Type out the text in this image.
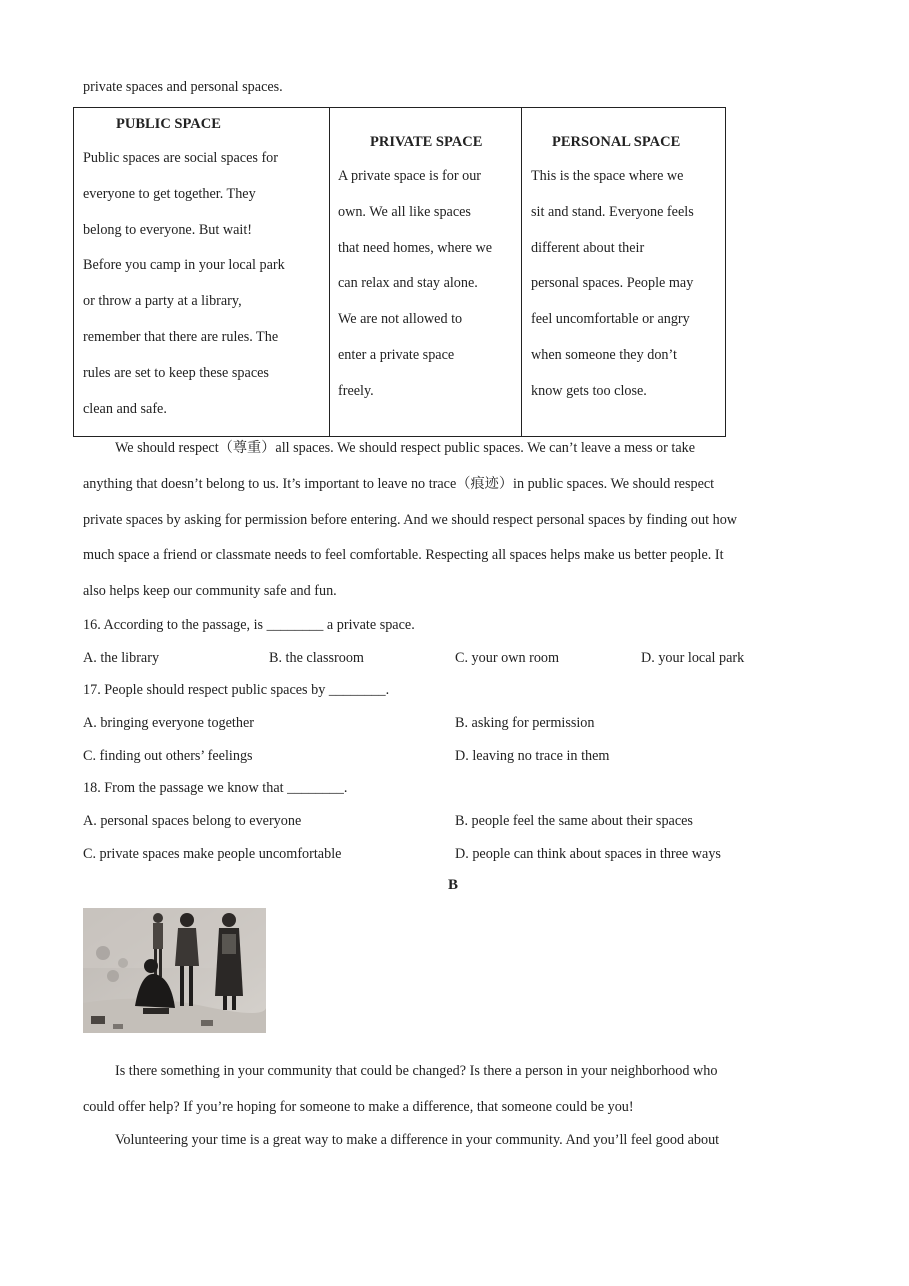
private spaces and personal spaces.
PUBLIC SPACE
Public spaces are social spaces for
everyone to get together. They
belong to everyone. But wait!
Before you camp in your local park
or throw a party at a library,
remember that there are rules. The
rules are set to keep these spaces
clean and safe.

PRIVATE SPACE
A private space is for our
own. We all like spaces
that need homes, where we
can relax and stay alone.
We are not allowed to
enter a private space
freely.

PERSONAL SPACE
This is the space where we
sit and stand. Everyone feels
different about their
personal spaces. People may
feel uncomfortable or angry
when someone they don’t
know gets too close.
We should respect（尊重）all spaces. We should respect public spaces. We can’t leave a mess or take
anything that doesn’t belong to us. It’s important to leave no trace（痕迹）in public spaces. We should respect
private spaces by asking for permission before entering. And we should respect personal spaces by finding out how
much space a friend or classmate needs to feel comfortable. Respecting all spaces helps make us better people. It
also helps keep our community safe and fun.
16. According to the passage, is ________ a private space.
A. the library	B. the classroom	C. your own room	D. your local park
17. People should respect public spaces by ________.
A. bringing everyone together	B. asking for permission
C. finding out others’ feelings	D. leaving no trace in them
18. From the passage we know that ________.
A. personal spaces belong to everyone	B. people feel the same about their spaces
C. private spaces make people uncomfortable	D. people can think about spaces in three ways
B
Is there something in your community that could be changed? Is there a person in your neighborhood who
could offer help? If you’re hoping for someone to make a difference, that someone could be you!
Volunteering your time is a great way to make a difference in your community. And you’ll feel good about
